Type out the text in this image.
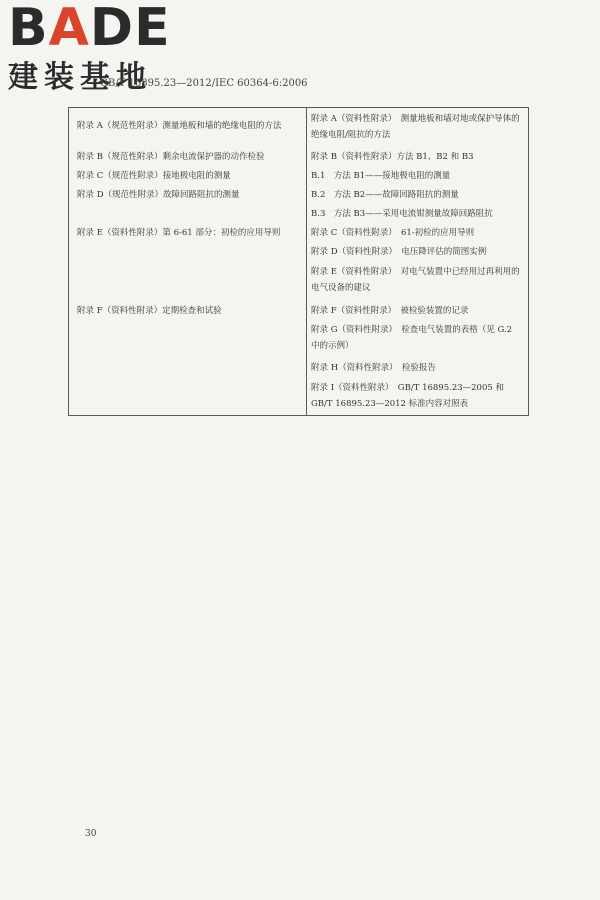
BADE
建装基地
GB/T 16895.23—2012/IEC 60364-6:2006
附录 A（规范性附录）测量地板和墙的绝缘电阻的方法
附录 B（规范性附录）剩余电流保护器的动作检验
附录 C（规范性附录）接地极电阻的测量
附录 D（规范性附录）故障回路阻抗的测量
附录 E（资料性附录）第 6-61 部分：初检的应用导则
附录 F（资料性附录）定期检查和试验
附录 A（资料性附录）　测量地板和墙对地或保护导体的绝缘电阻/阻抗的方法
附录 B（资料性附录）方法 B1、B2 和 B3
B.1　方法 B1——接地极电阻的测量
B.2　方法 B2——故障回路阻抗的测量
B.3　方法 B3——采用电流钳测量故障回路阻抗
附录 C（资料性附录）　61-初检的应用导则
附录 D（资料性附录）　电压降评估的简图实例
附录 E（资料性附录）　对电气装置中已经用过再利用的电气设备的建议
附录 F（资料性附录）　被检验装置的记录
附录 G（资料性附录）　检查电气装置的表格（见 G.2 中的示例）
附录 H（资料性附录）　检验报告
附录 I（资料性附录）　GB/T 16895.23—2005 和 GB/T 16895.23—2012 标准内容对照表
30
